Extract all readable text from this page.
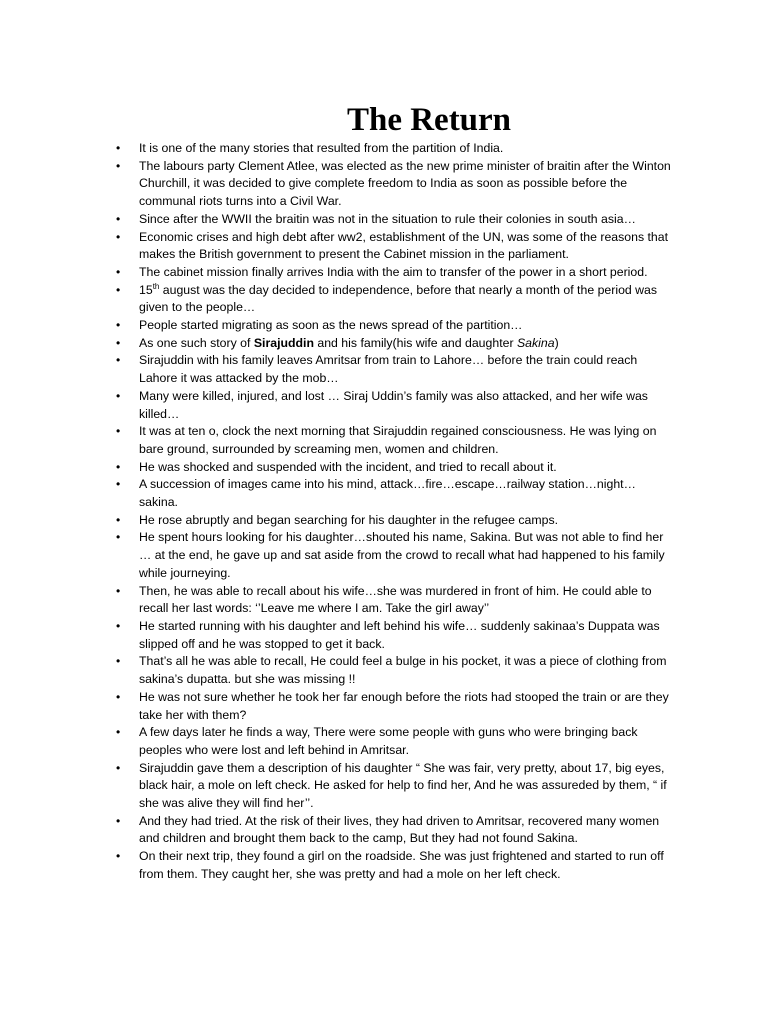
The Return
• It is one of the many stories that resulted from the partition of India.
• The labours party Clement Atlee, was elected as the new prime minister of braitin after the Winton Churchill, it was decided to give complete freedom to India as soon as possible before the communal riots turns into a Civil War.
• Since after the WWII the braitin was not in the situation to rule their colonies in south asia…
• Economic crises and high debt after ww2, establishment of the UN, was some of the reasons that makes the British government to present the Cabinet mission in the parliament.
• The cabinet mission finally arrives India with the aim to transfer of the power in a short period.
• 15th august was the day decided to independence, before that nearly a month of the period was given to the people…
• People started migrating as soon as the news spread of the partition…
• As one such story of Sirajuddin and his family(his wife and daughter Sakina)
• Sirajuddin with his family leaves Amritsar from train to Lahore… before the train could reach Lahore it was attacked by the mob…
• Many were killed, injured, and lost … Siraj Uddin’s family was also attacked, and her wife was killed…
• It was at ten o, clock the next morning that Sirajuddin regained consciousness. He was lying on bare ground, surrounded by screaming men, women and children.
• He was shocked and suspended with the incident, and tried to recall about it.
• A succession of images came into his mind, attack…fire…escape…railway station…night… sakina.
• He rose abruptly and began searching for his daughter in the refugee camps.
• He spent hours looking for his daughter…shouted his name, Sakina. But was not able to find her … at the end, he gave up and sat aside from the crowd to recall what had happened to his family while journeying.
• Then, he was able to recall about his wife…she was murdered in front of him. He could able to recall her last words: ‘’Leave me where I am. Take the girl away’’
• He started running with his daughter and left behind his wife… suddenly sakinaa’s Duppata was slipped off and he was stopped to get it back.
• That’s all he was able to recall, He could feel a bulge in his pocket, it was a piece of clothing from sakina’s dupatta. but she was missing !!
• He was not sure whether he took her far enough before the riots had stooped the train or are they take her with them?
• A few days later he finds a way, There were some people with guns who were bringing back peoples who were lost and left behind in Amritsar.
• Sirajuddin gave them a description of his daughter “ She was fair, very pretty, about 17, big eyes, black hair, a mole on left check. He asked for help to find her, And he was assureded by them, “ if she was alive they will find her’’.
• And they had tried. At the risk of their lives, they had driven to Amritsar, recovered many women and children and brought them back to the camp, But they had not found Sakina.
• On their next trip, they found a girl on the roadside. She was just frightened and started to run off from them. They caught her, she was pretty and had a mole on her left check.
